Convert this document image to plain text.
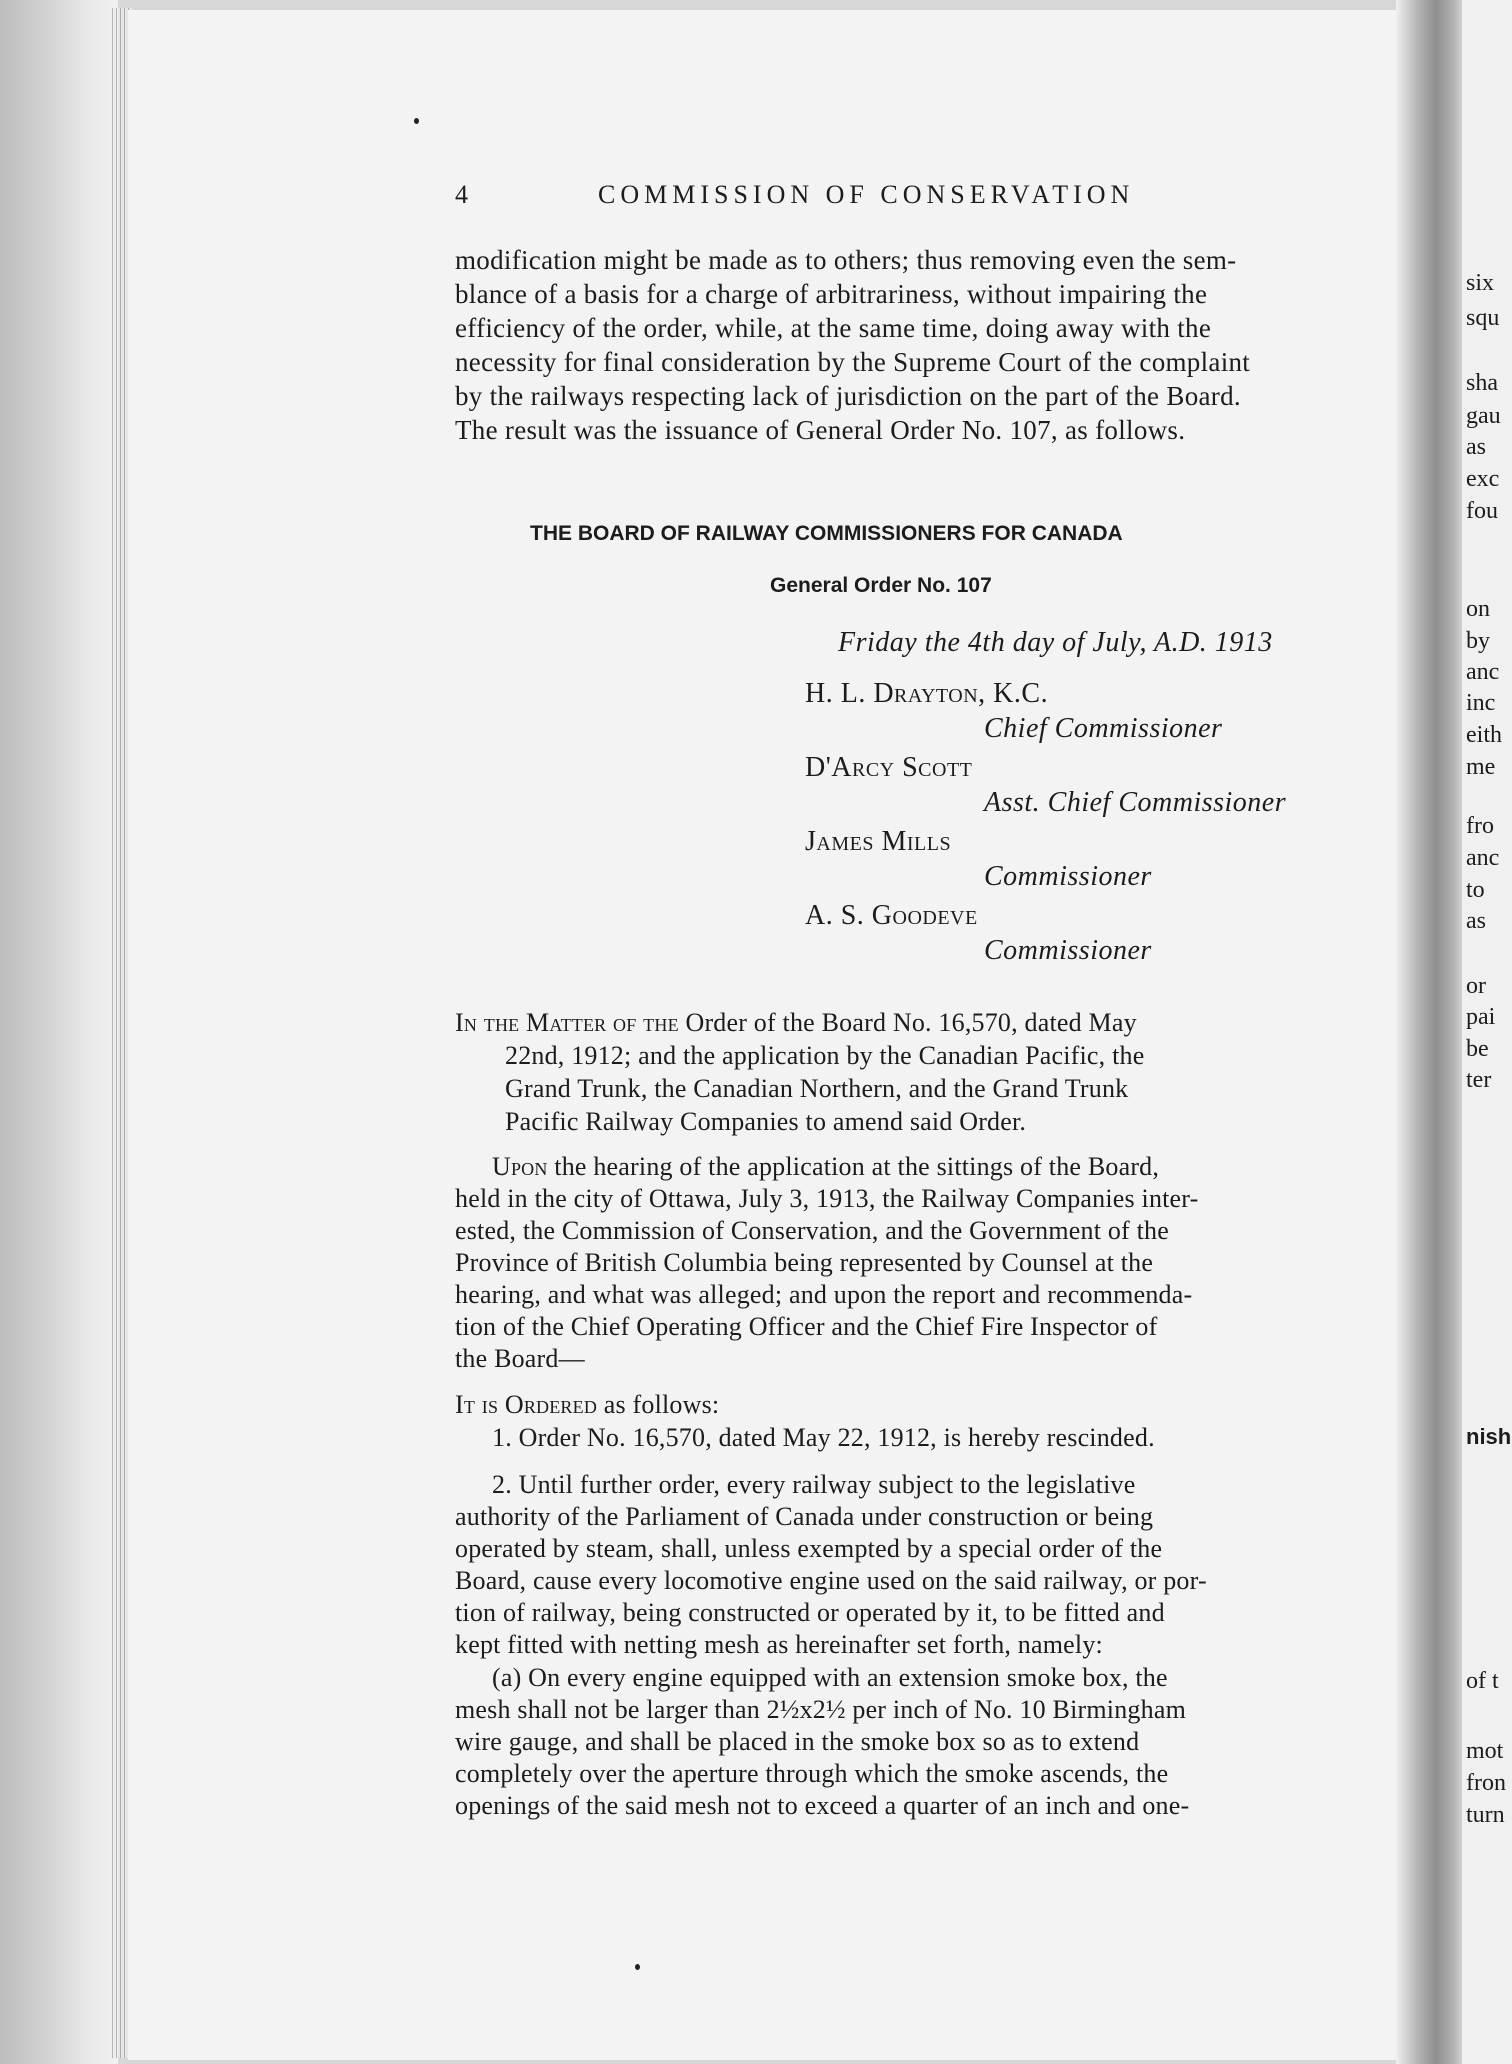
4	COMMISSION OF CONSERVATION
modification might be made as to others; thus removing even the sem-
blance of a basis for a charge of arbitrariness, without impairing the
efficiency of the order, while, at the same time, doing away with the
necessity for final consideration by the Supreme Court of the complaint
by the railways respecting lack of jurisdiction on the part of the Board.
The result was the issuance of General Order No. 107, as follows.
THE BOARD OF RAILWAY COMMISSIONERS FOR CANADA
General Order No. 107
Friday the 4th day of July, A.D. 1913
H. L. Drayton, K.C.
Chief Commissioner
D'Arcy Scott
Asst. Chief Commissioner
James Mills
Commissioner
A. S. Goodeve
Commissioner
In the Matter of the Order of the Board No. 16,570, dated May
22nd, 1912; and the application by the Canadian Pacific, the
Grand Trunk, the Canadian Northern, and the Grand Trunk
Pacific Railway Companies to amend said Order.
Upon the hearing of the application at the sittings of the Board,
held in the city of Ottawa, July 3, 1913, the Railway Companies inter-
ested, the Commission of Conservation, and the Government of the
Province of British Columbia being represented by Counsel at the
hearing, and what was alleged; and upon the report and recommenda-
tion of the Chief Operating Officer and the Chief Fire Inspector of
the Board—
It is Ordered as follows:
1. Order No. 16,570, dated May 22, 1912, is hereby rescinded.
2. Until further order, every railway subject to the legislative
authority of the Parliament of Canada under construction or being
operated by steam, shall, unless exempted by a special order of the
Board, cause every locomotive engine used on the said railway, or por-
tion of railway, being constructed or operated by it, to be fitted and
kept fitted with netting mesh as hereinafter set forth, namely:
(a) On every engine equipped with an extension smoke box, the
mesh shall not be larger than 2½x2½ per inch of No. 10 Birmingham
wire gauge, and shall be placed in the smoke box so as to extend
completely over the aperture through which the smoke ascends, the
openings of the said mesh not to exceed a quarter of an inch and one-
six
squ
sha
gau
as
exc
fou
on
by
anc
inc
eith
me
fro
anc
to
as
or
pai
be
ter
nish
of t
mot
fron
turn
